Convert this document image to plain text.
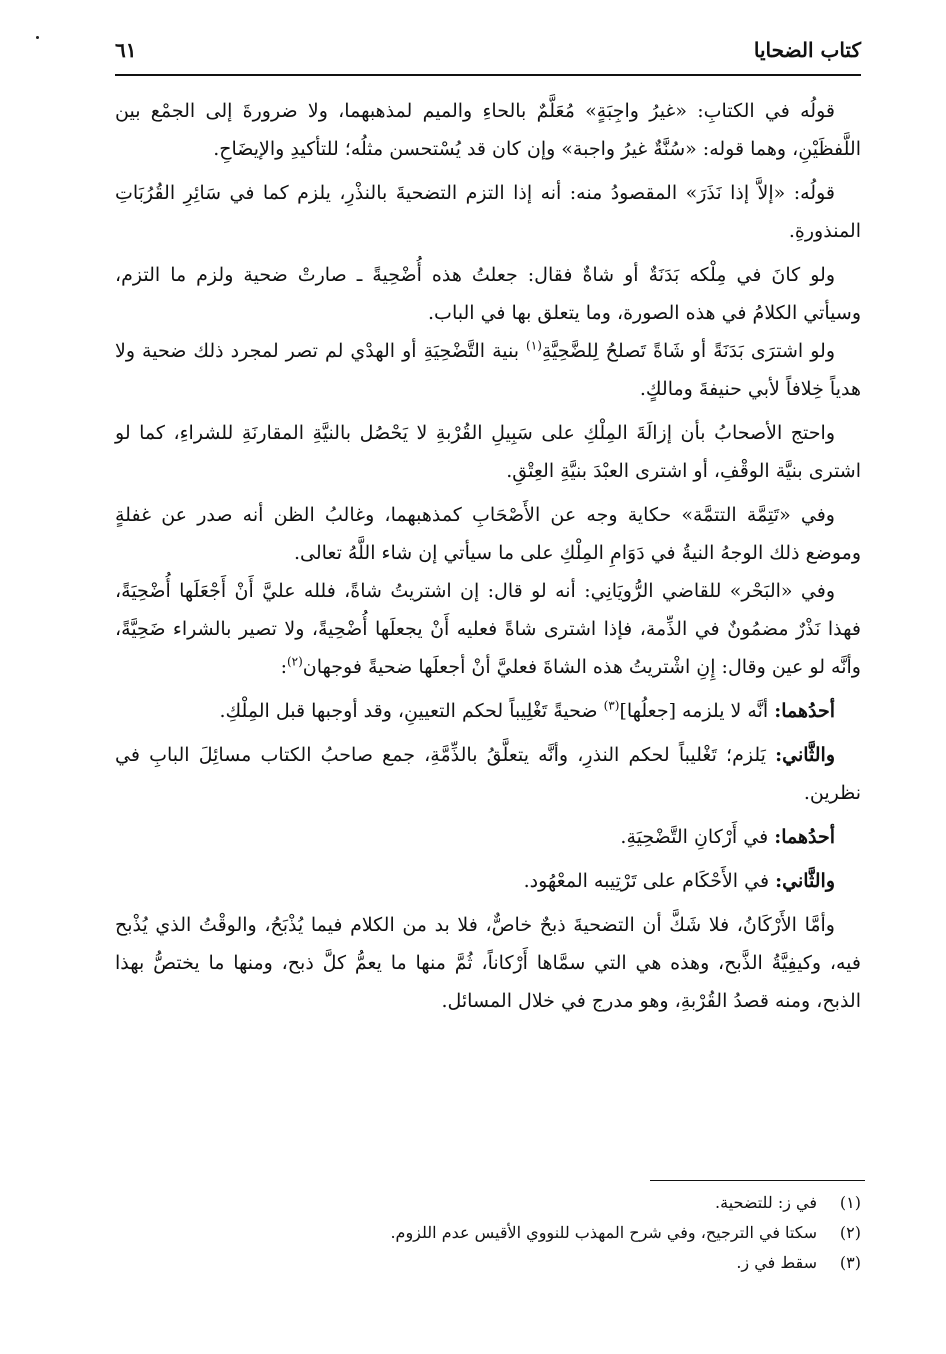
كتاب الضحايا
٦١

قولُه في الكتابِ: «غيرُ واجِبَةٍ» مُعَلَّمٌ بالحاءِ والميم لمذهبهما، ولا ضرورةَ إلى الجمْع بين اللَّفظَيْنِ، وهما قوله: «سُنَّةٌ غيرُ واجبة» وإن كان قد يُسْتحسن مثلُه؛ للتأكيدِ والإيضَاحِ.

قولُه: «إلاَّ إذا نَذَرَ» المقصودُ منه: أنه إذا التزم التضحيةَ بالنذْرِ، يلزم كما في سَائِرِ القُرُبَاتِ المنذورةِ.

ولو كانَ في مِلْكه بَدَنَةٌ أو شاةٌ فقال: جعلتُ هذه أُضْحِيةً ـ صارتْ ضحية ولزم ما التزم، وسيأتي الكلامُ في هذه الصورة، وما يتعلق بها في الباب.

ولو اشترَى بَدَنَةً أو شَاةً تَصلحُ لِلضَّحِيَّةِ$^{(١)}$ بنية التَّضْحِيَةِ أو الهدْي لم تصر لمجرد ذلك ضحية ولا هدياً خِلافاً لأبي حنيفةَ ومالكٍ.

واحتج الأصحابُ بأن إزالَةَ المِلْكِ على سَبِيلِ القُرْبةِ لا يَحْصُل بالنيَّةِ المقارنَةِ للشراءِ، كما لو اشترى بنيَّة الوقْفِ، أو اشترى العبْدَ بنيَّةِ العِتْقِ.

وفي «تَتِمَّة التتمَّة» حكاية وجه عن الأَصْحَابِ كمذهبهما، وغالبُ الظن أنه صدر عن غفلةٍ وموضع ذلك الوجهُ النيةُ في دَوَامِ المِلْكِ على ما سيأتي إن شاء اللَّهُ تعالى.

وفي «البَحْر» للقاضي الرُّويَانِي: أنه لو قال: إن اشتريتُ شاةً، فلله عليَّ أَنْ أَجْعَلَها أُضْحِيَةً، فهذا نَذْرٌ مضمُونٌ في الذِّمة، فإذا اشترى شاةً فعليه أَنْ يجعلَها أُضْحِيةً، ولا تصير بالشراء ضَحِيَّةً، وأنَّه لو عين وقال: إِنِ اشْتريتُ هذه الشاةَ فعليَّ أنْ أجعلَها ضحيةً فوجهان$^{(٢)}$:

أحدُهما: أنَّه لا يلزمه [جعلُها]$^{(٣)}$ ضحيةً تَغْلِيباً لحكم التعيينِ، وقد أوجبها قبل المِلْكِ.

والثَّاني: يَلزم؛ تَغْليباً لحكم النذرِ، وأنَّه يتعلَّقُ بالذِّمَّةِ، جمع صاحبُ الكتاب مسائِلَ البابِ في نظرين.

أحدُهما: في أَرْكانِ التَّضْحِيَةِ.

والثَّاني: في الأَحْكَام على تَرْتِيبه المعْهُود.

وأمَّا الأَرْكَانُ، فلا شَكَّ أن التضحيةَ ذبحٌ خاصٌّ، فلا بد من الكلام فيما يُذْبَحُ، والوقْتُ الذي يُذْبح فيه، وكيفِيَّةُ الذَّبح، وهذه هي التي سمَّاها أَرْكاناً، ثُمَّ منها ما يعمُّ كلَّ ذبح، ومنها ما يختصُّ بهذا الذبح، ومنه قصدُ القُرْبةِ، وهو مدرج في خلال المسائل.

(١)
في ز: للتضحية.
(٢)
سكتا في الترجيح، وفي شرح المهذب للنووي الأقيس عدم اللزوم.
(٣)
سقط في ز.
